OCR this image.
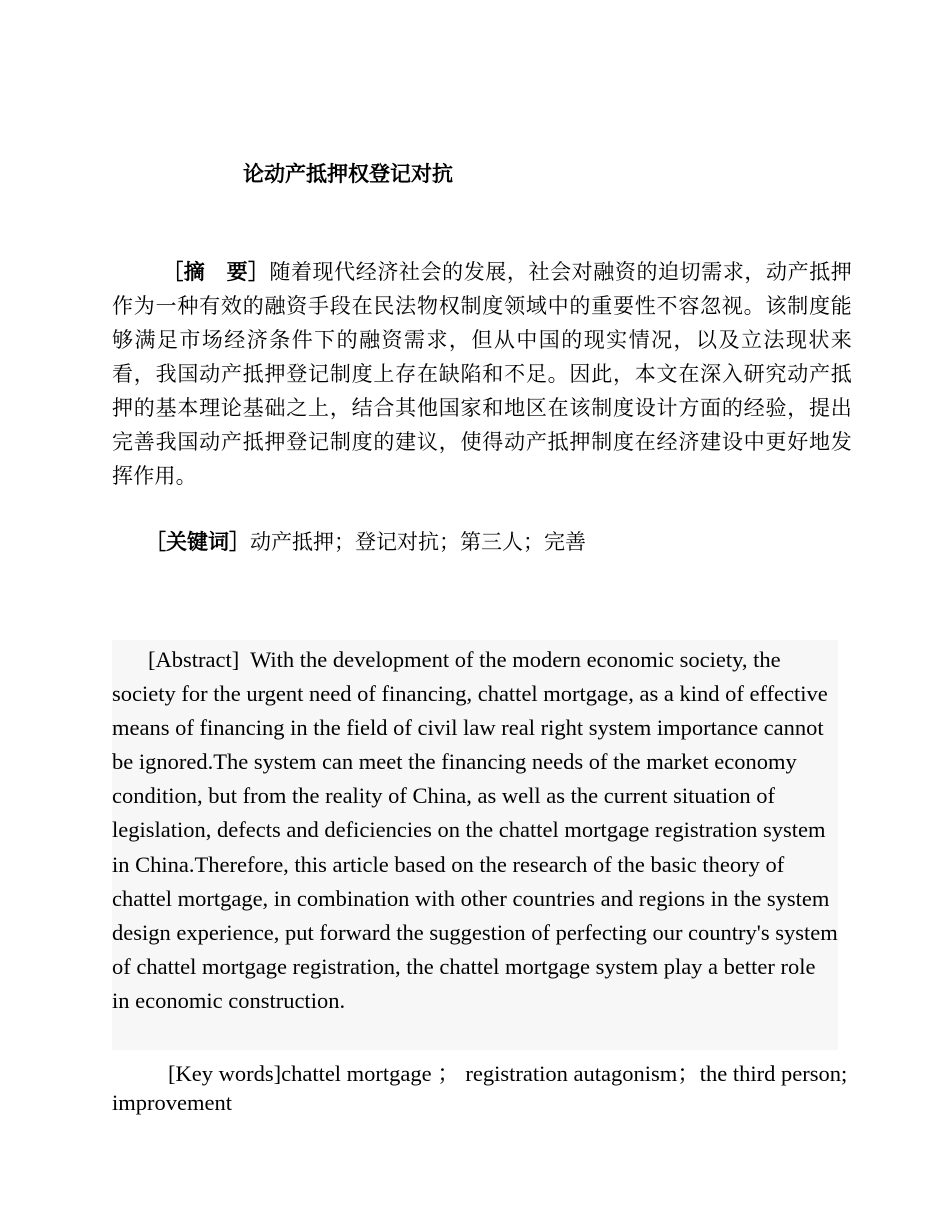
论动产抵押权登记对抗

［摘　要］随着现代经济社会的发展，社会对融资的迫切需求，动产抵押作为一种有效的融资手段在民法物权制度领域中的重要性不容忽视。该制度能够满足市场经济条件下的融资需求，但从中国的现实情况，以及立法现状来看，我国动产抵押登记制度上存在缺陷和不足。因此，本文在深入研究动产抵押的基本理论基础之上，结合其他国家和地区在该制度设计方面的经验，提出完善我国动产抵押登记制度的建议，使得动产抵押制度在经济建设中更好地发挥作用。

［关键词］动产抵押；登记对抗；第三人；完善

[Abstract] With the development of the modern economic society, the society for the urgent need of financing, chattel mortgage, as a kind of effective means of financing in the field of civil law real right system importance cannot be ignored.The system can meet the financing needs of the market economy condition, but from the reality of China, as well as the current situation of legislation, defects and deficiencies on the chattel mortgage registration system in China.Therefore, this article based on the research of the basic theory of chattel mortgage, in combination with other countries and regions in the system design experience, put forward the suggestion of perfecting our country's system of chattel mortgage registration, the chattel mortgage system play a better role in economic construction.

[Key words]chattel mortgage ； registration autagonism；the third person; improvement
